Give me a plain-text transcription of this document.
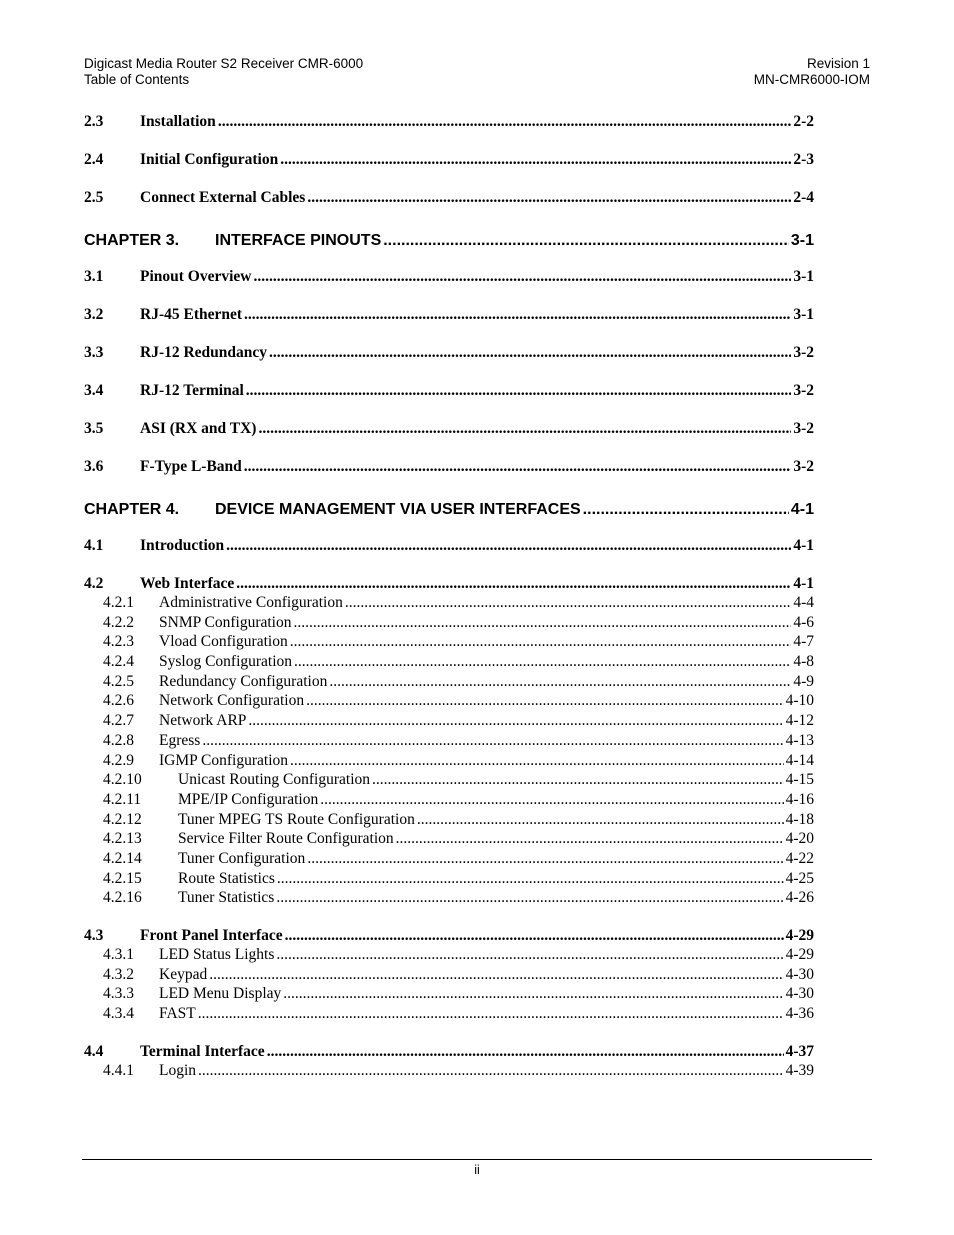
Digicast Media Router S2 Receiver CMR-6000
Table of Contents
Revision 1
MN-CMR6000-IOM
2.3	Installation .....	2-2
2.4	Initial Configuration .....	2-3
2.5	Connect External Cables .....	2-4
CHAPTER 3.	INTERFACE PINOUTS .....	3-1
3.1	Pinout Overview .....	3-1
3.2	RJ-45 Ethernet .....	3-1
3.3	RJ-12 Redundancy .....	3-2
3.4	RJ-12 Terminal .....	3-2
3.5	ASI (RX and TX) .....	3-2
3.6	F-Type L-Band .....	3-2
CHAPTER 4.	DEVICE MANAGEMENT VIA USER INTERFACES .....	4-1
4.1	Introduction .....	4-1
4.2	Web Interface .....	4-1
4.2.1	Administrative Configuration .....	4-4
4.2.2	SNMP Configuration .....	4-6
4.2.3	Vload Configuration .....	4-7
4.2.4	Syslog Configuration .....	4-8
4.2.5	Redundancy Configuration .....	4-9
4.2.6	Network Configuration .....	4-10
4.2.7	Network ARP .....	4-12
4.2.8	Egress .....	4-13
4.2.9	IGMP Configuration .....	4-14
4.2.10	Unicast Routing Configuration .....	4-15
4.2.11	MPE/IP Configuration .....	4-16
4.2.12	Tuner MPEG TS Route Configuration .....	4-18
4.2.13	Service Filter Route Configuration .....	4-20
4.2.14	Tuner Configuration .....	4-22
4.2.15	Route Statistics .....	4-25
4.2.16	Tuner Statistics .....	4-26
4.3	Front Panel Interface .....	4-29
4.3.1	LED Status Lights .....	4-29
4.3.2	Keypad .....	4-30
4.3.3	LED Menu Display .....	4-30
4.3.4	FAST .....	4-36
4.4	Terminal Interface .....	4-37
4.4.1	Login .....	4-39
ii
